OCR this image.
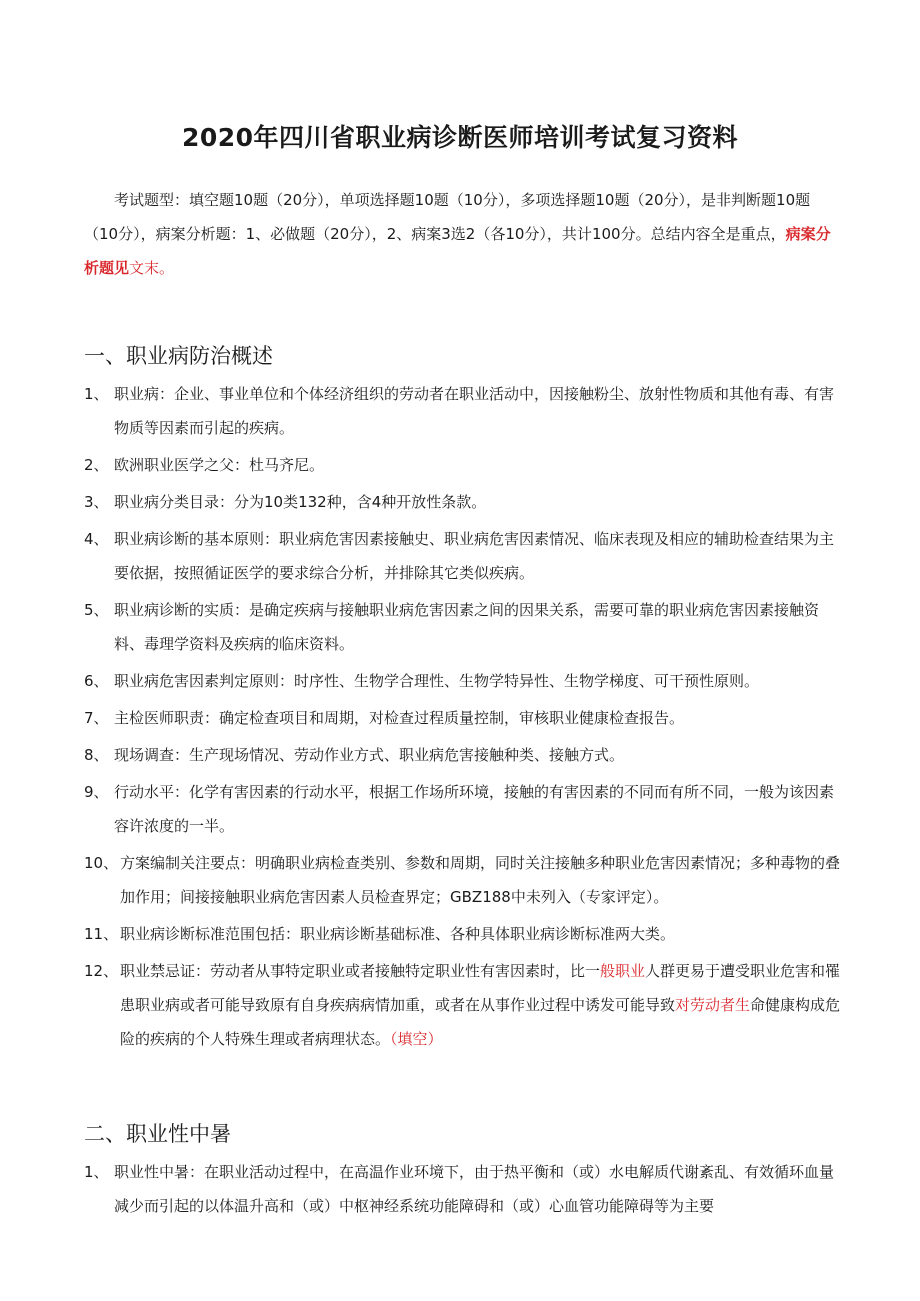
2020年四川省职业病诊断医师培训考试复习资料
考试题型：填空题10题（20分），单项选择题10题（10分），多项选择题10题（20分），是非判断题10题（10分），病案分析题：1、必做题（20分），2、病案3选2（各10分），共计100分。总结内容全是重点，病案分析题见文末。
一、职业病防治概述
1、 职业病：企业、事业单位和个体经济组织的劳动者在职业活动中，因接触粉尘、放射性物质和其他有毒、有害物质等因素而引起的疾病。
2、 欧洲职业医学之父：杜马齐尼。
3、 职业病分类目录：分为10类132种，含4种开放性条款。
4、 职业病诊断的基本原则：职业病危害因素接触史、职业病危害因素情况、临床表现及相应的辅助检查结果为主要依据，按照循证医学的要求综合分析，并排除其它类似疾病。
5、 职业病诊断的实质：是确定疾病与接触职业病危害因素之间的因果关系，需要可靠的职业病危害因素接触资料、毒理学资料及疾病的临床资料。
6、 职业病危害因素判定原则：时序性、生物学合理性、生物学特异性、生物学梯度、可干预性原则。
7、 主检医师职责：确定检查项目和周期，对检查过程质量控制，审核职业健康检查报告。
8、 现场调查：生产现场情况、劳动作业方式、职业病危害接触种类、接触方式。
9、 行动水平：化学有害因素的行动水平，根据工作场所环境，接触的有害因素的不同而有所不同，一般为该因素容许浓度的一半。
10、 方案编制关注要点：明确职业病检查类别、参数和周期，同时关注接触多种职业危害因素情况；多种毒物的叠加作用；间接接触职业病危害因素人员检查界定；GBZ188中未列入（专家评定）。
11、 职业病诊断标准范围包括：职业病诊断基础标准、各种具体职业病诊断标准两大类。
12、 职业禁忌证：劳动者从事特定职业或者接触特定职业性有害因素时，比一般职业人群更易于遭受职业危害和罹患职业病或者可能导致原有自身疾病病情加重，或者在从事作业过程中诱发可能导致对劳动者生命健康构成危险的疾病的个人特殊生理或者病理状态。（填空）
二、职业性中暑
1、 职业性中暑：在职业活动过程中，在高温作业环境下，由于热平衡和（或）水电解质代谢紊乱、有效循环血量减少而引起的以体温升高和（或）中枢神经系统功能障碍和（或）心血管功能障碍等为主要
